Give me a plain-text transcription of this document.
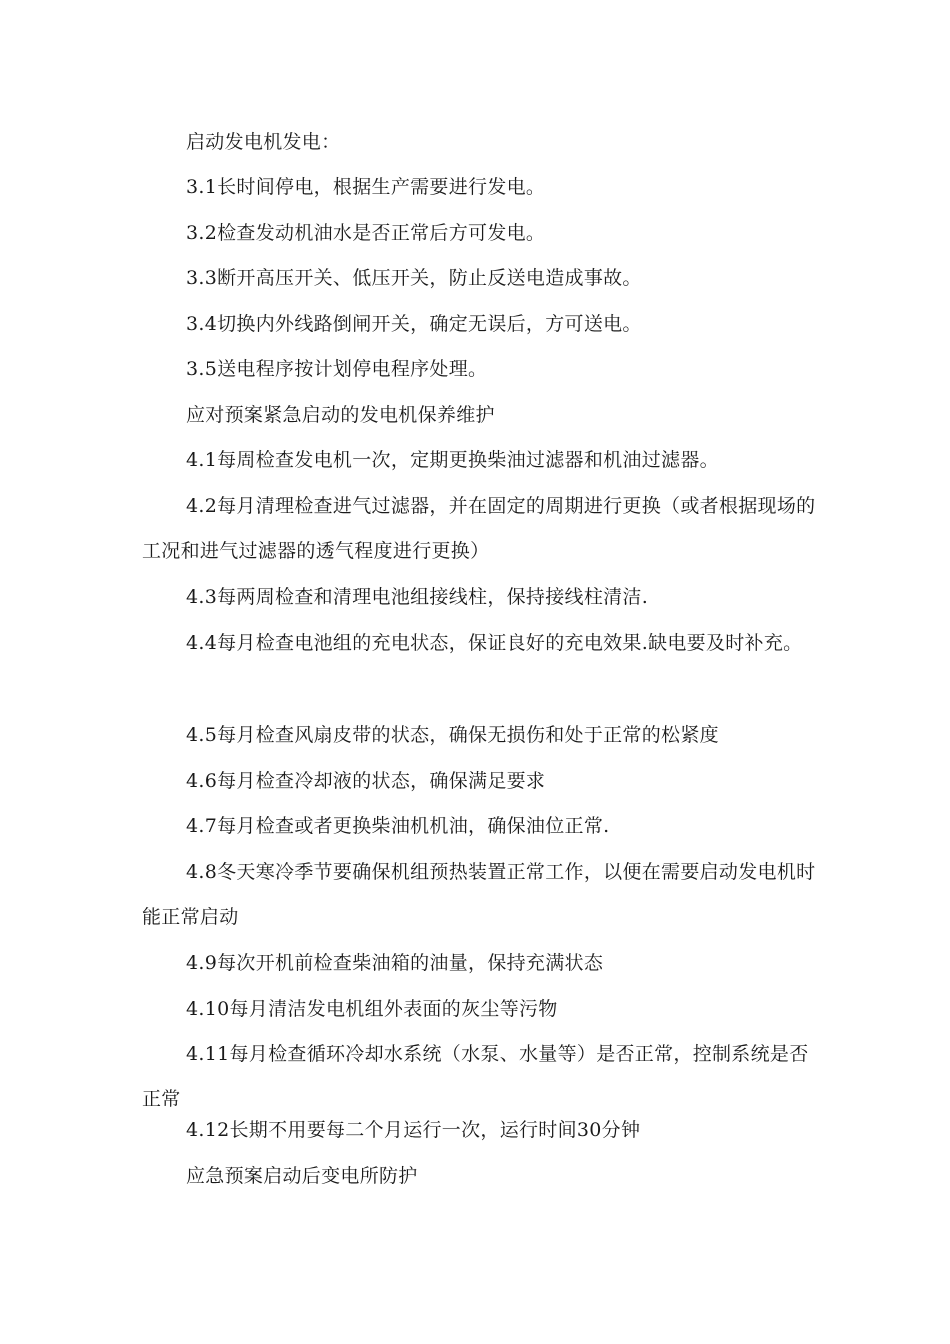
启动发电机发电：

3.1长时间停电，根据生产需要进行发电。

3.2检查发动机油水是否正常后方可发电。

3.3断开高压开关、低压开关，防止反送电造成事故。

3.4切换内外线路倒闸开关，确定无误后，方可送电。

3.5送电程序按计划停电程序处理。

应对预案紧急启动的发电机保养维护

4.1每周检查发电机一次，定期更换柴油过滤器和机油过滤器。

4.2每月清理检查进气过滤器，并在固定的周期进行更换（或者根据现场的工况和进气过滤器的透气程度进行更换）

4.3每两周检查和清理电池组接线柱，保持接线柱清洁.

4.4每月检查电池组的充电状态，保证良好的充电效果.缺电要及时补充。

4.5每月检查风扇皮带的状态，确保无损伤和处于正常的松紧度

4.6每月检查冷却液的状态，确保满足要求

4.7每月检查或者更换柴油机机油，确保油位正常.

4.8冬天寒冷季节要确保机组预热装置正常工作，以便在需要启动发电机时能正常启动

4.9每次开机前检查柴油箱的油量，保持充满状态

4.10每月清洁发电机组外表面的灰尘等污物

4.11每月检查循环冷却水系统（水泵、水量等）是否正常，控制系统是否正常

4.12长期不用要每二个月运行一次，运行时间30分钟

应急预案启动后变电所防护
